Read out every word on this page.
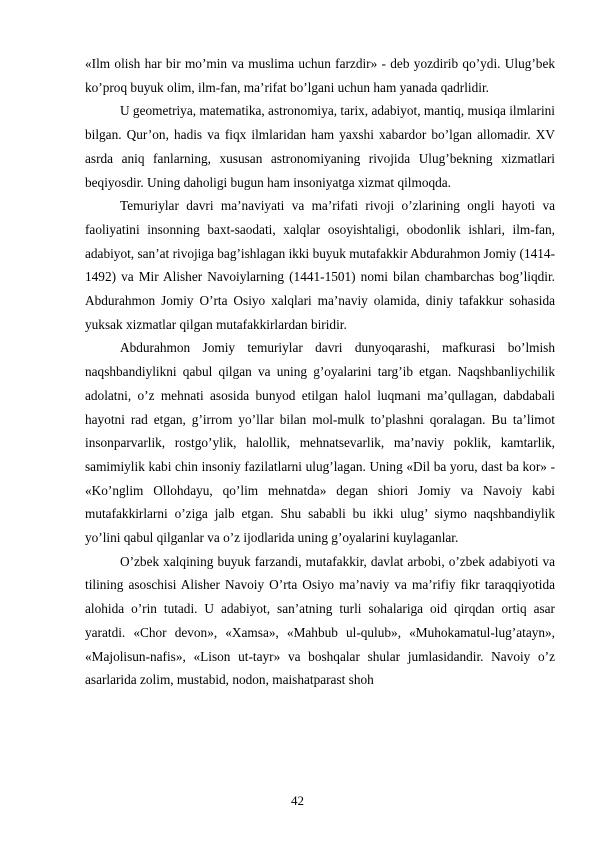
«Ilm olish har bir mo’min va muslima uchun farzdir» - deb yozdirib qo’ydi. Ulug’bek ko’proq buyuk olim, ilm-fan, ma’rifat bo’lgani uchun ham yanada qadrlidir.

U geometriya, matematika, astronomiya, tarix, adabiyot, mantiq, musiqa ilmlarini bilgan. Qur’on, hadis va fiqx ilmlaridan ham yaxshi xabardor bo’lgan allomadir. XV asrda aniq fanlarning, xususan astronomiyaning rivojida Ulug’bekning xizmatlari beqiyosdir. Uning daholigi bugun ham insoniyatga xizmat qilmoqda.

Temuriylar davri ma’naviyati va ma’rifati rivoji o’zlarining ongli hayoti va faoliyatini insonning baxt-saodati, xalqlar osoyishtaligi, obodonlik ishlari, ilm-fan, adabiyot, san’at rivojiga bag’ishlagan ikki buyuk mutafakkir Abdurahmon Jomiy (1414-1492) va Mir Alisher Navoiylarning (1441-1501) nomi bilan chambarchas bog’liqdir. Abdurahmon Jomiy O’rta Osiyo xalqlari ma’naviy olamida, diniy tafakkur sohasida yuksak xizmatlar qilgan mutafakkirlardan biridir.

Abdurahmon Jomiy temuriylar davri dunyoqarashi, mafkurasi bo’lmish naqshbandiylikni qabul qilgan va uning g’oyalarini targ’ib etgan. Naqshbanliychilik adolatni, o’z mehnati asosida bunyod etilgan halol luqmani ma’qullagan, dabdabali hayotni rad etgan, g’irrom yo’llar bilan mol-mulk to’plashni qoralagan. Bu ta’limot insonparvarlik, rostgo’ylik, halollik, mehnatsevarlik, ma’naviy poklik, kamtarlik, samimiylik kabi chin insoniy fazilatlarni ulug’lagan. Uning «Dil ba yoru, dast ba kor» - «Ko’nglim Ollohdayu, qo’lim mehnatda» degan shiori Jomiy va Navoiy kabi mutafakkirlarni o’ziga jalb etgan. Shu sababli bu ikki ulug’ siymo naqshbandiylik yo’lini qabul qilganlar va o’z ijodlarida uning g’oyalarini kuylaganlar.

O’zbek xalqining buyuk farzandi, mutafakkir, davlat arbobi, o’zbek adabiyoti va tilining asoschisi Alisher Navoiy O’rta Osiyo ma’naviy va ma’rifiy fikr taraqqiyotida alohida o’rin tutadi. U adabiyot, san’atning turli sohalariga oid qirqdan ortiq asar yaratdi. «Chor devon», «Xamsa», «Mahbub ul-qulub», «Muhokamatul-lug’atayn», «Majolisun-nafis», «Lison ut-tayr» va boshqalar shular jumlasidandir. Navoiy o’z asarlarida zolim, mustabid, nodon, maishatparast shoh

42
